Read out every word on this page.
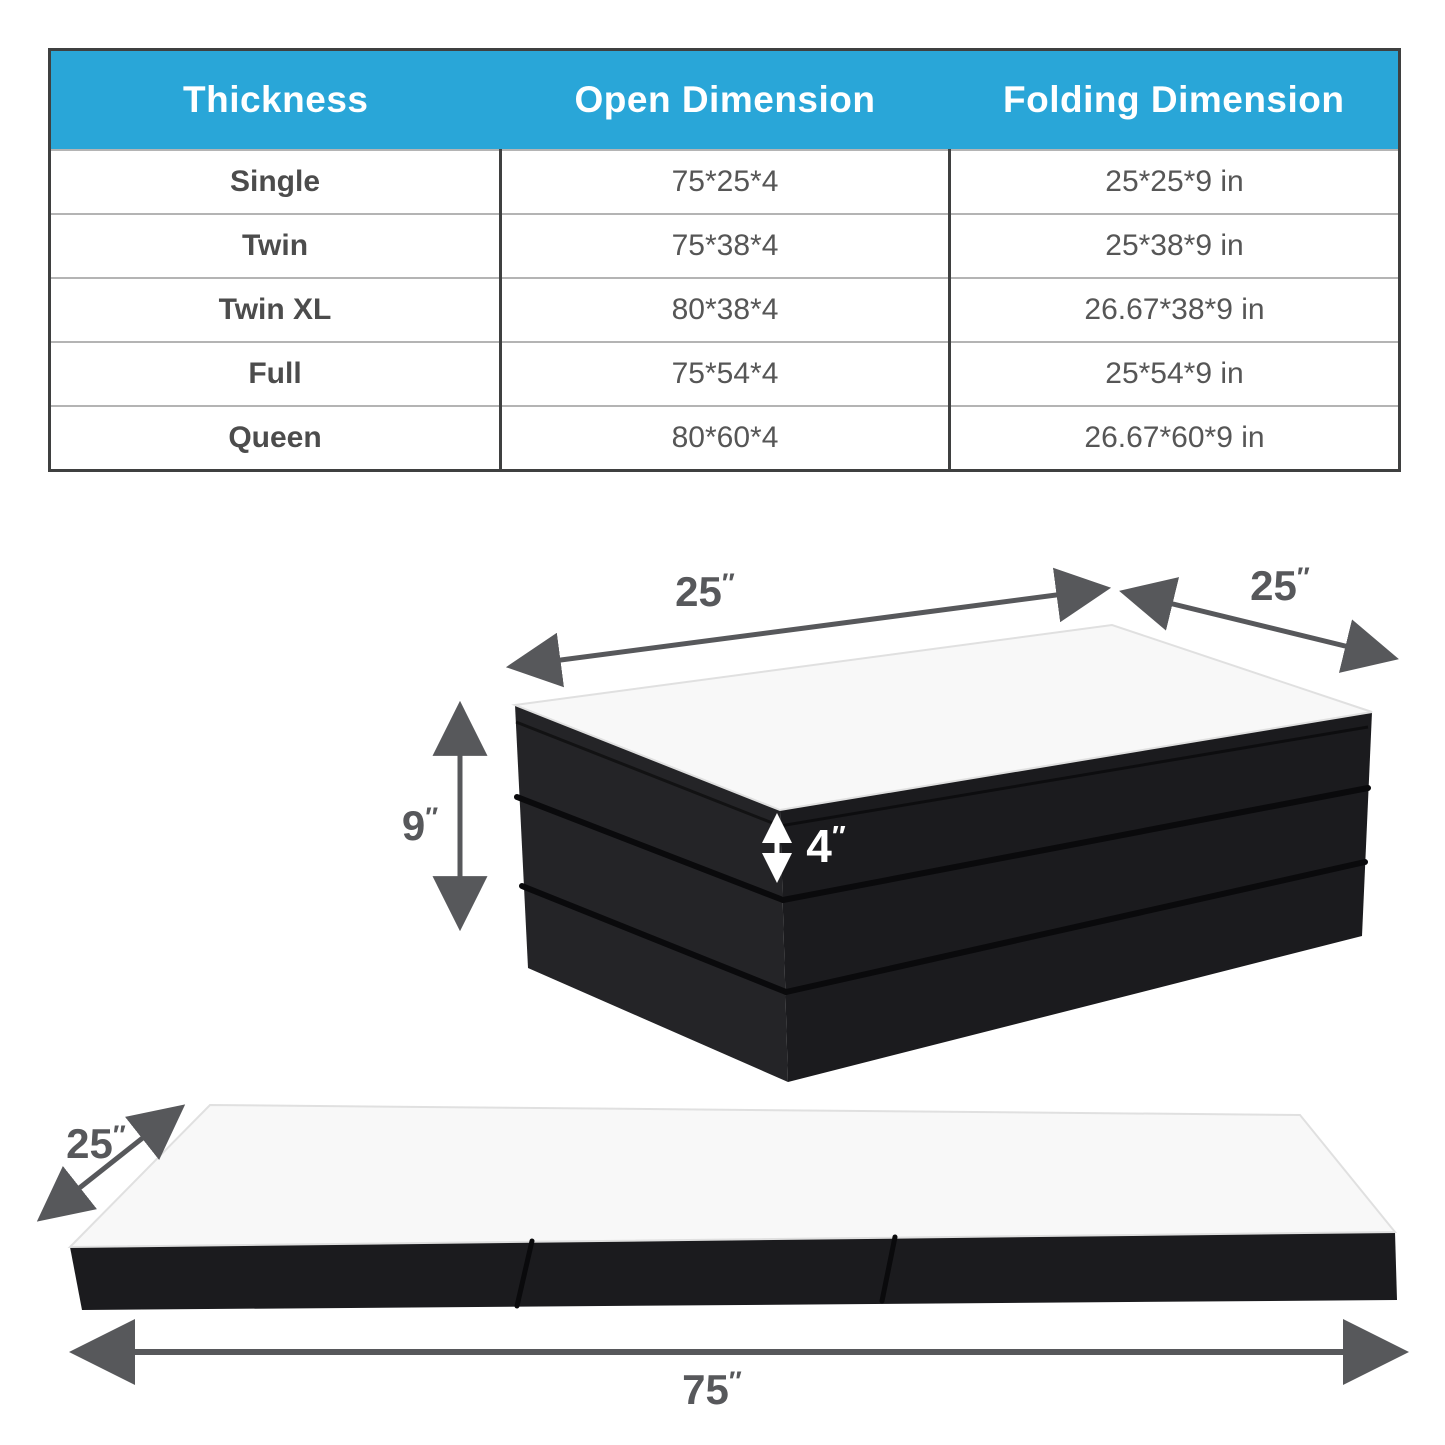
Thickness	Open Dimension	Folding Dimension
Single	75*25*4	25*25*9 in
Twin	75*38*4	25*38*9 in
Twin XL	80*38*4	26.67*38*9 in
Full	75*54*4	25*54*9 in
Queen	80*60*4	26.67*60*9 in
25″	25″
9″
4″
25″
75″
